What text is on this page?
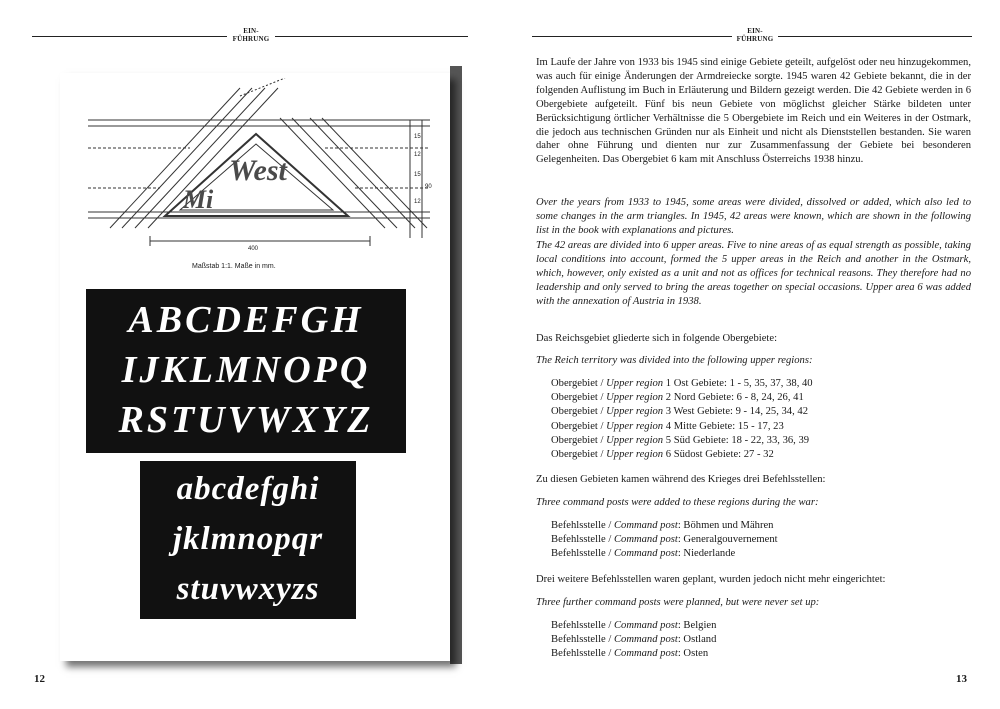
EIN-
FÜHRUNG
15
12
15
90
12
400
West
Mi
Maßstab 1:1. Maße in mm.
ABCDEFGH
IJKLMNOPQ
RSTUVWXYZ
abcdefghi
jklmnopqr
stuvwxyzs
12
EIN-
FÜHRUNG

Im Laufe der Jahre von 1933 bis 1945 sind einige Gebiete geteilt, aufgelöst oder neu hinzugekommen, was auch für einige Änderungen der Armdreiecke sorgte. 1945 waren 42 Gebiete bekannt, die in der folgenden Auflistung im Buch in Erläuterung und Bildern gezeigt werden. Die 42 Gebiete werden in 6 Obergebiete aufgeteilt. Fünf bis neun Gebiete von möglichst gleicher Stärke bildeten unter Berücksichtigung örtlicher Verhältnisse die 5 Obergebiete im Reich und ein Weiteres in der Ostmark, die jedoch aus technischen Gründen nur als Einheit und nicht als Dienststellen bestanden. Sie waren daher ohne Führung und dienten nur zur Zusammenfassung der Gebiete bei besonderen Gelegenheiten. Das Obergebiet 6 kam mit Anschluss Österreichs 1938 hinzu.

Over the years from 1933 to 1945, some areas were divided, dissolved or added, which also led to some changes in the arm triangles. In 1945, 42 areas were known, which are shown in the following list in the book with explanations and pictures.

The 42 areas are divided into 6 upper areas. Five to nine areas of as equal strength as possible, taking local conditions into account, formed the 5 upper areas in the Reich and another in the Ostmark, which, however, only existed as a unit and not as offices for technical reasons. They therefore had no leadership and only served to bring the areas together on special occasions. Upper area 6 was added with the annexation of Austria in 1938.

Das Reichsgebiet gliederte sich in folgende Obergebiete:

The Reich territory was divided into the following upper regions:

Obergebiet / Upper region 1 Ost Gebiete: 1 - 5, 35, 37, 38, 40
Obergebiet / Upper region 2 Nord Gebiete: 6 - 8, 24, 26, 41
Obergebiet / Upper region 3 West Gebiete: 9 - 14, 25, 34, 42
Obergebiet / Upper region 4 Mitte Gebiete: 15 - 17, 23
Obergebiet / Upper region 5 Süd Gebiete: 18 - 22, 33, 36, 39
Obergebiet / Upper region 6 Südost Gebiete: 27 - 32

Zu diesen Gebieten kamen während des Krieges drei Befehlsstellen:

Three command posts were added to these regions during the war:

Befehlsstelle / Command post: Böhmen und Mähren
Befehlsstelle / Command post: Generalgouvernement
Befehlsstelle / Command post: Niederlande

Drei weitere Befehlsstellen waren geplant, wurden jedoch nicht mehr eingerichtet:

Three further command posts were planned, but were never set up:

Befehlsstelle / Command post: Belgien
Befehlsstelle / Command post: Ostland
Befehlsstelle / Command post: Osten
13
